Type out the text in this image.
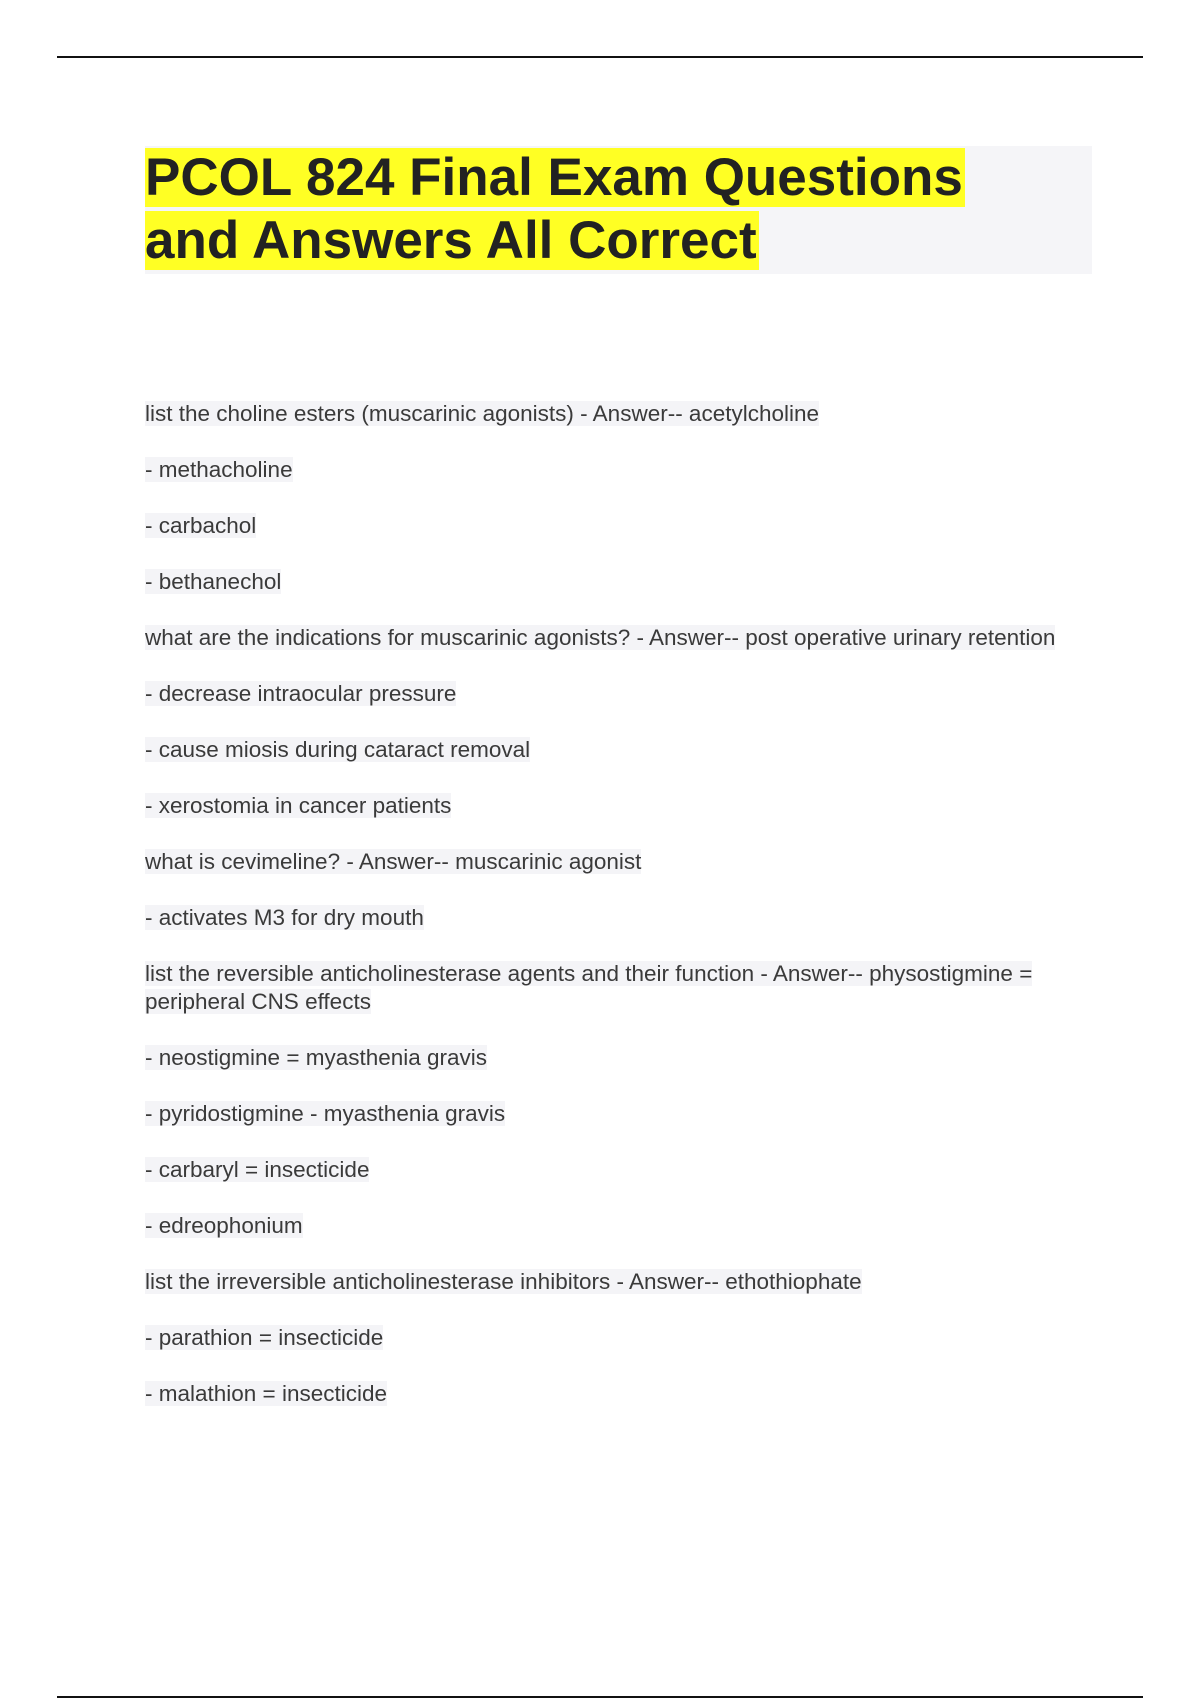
PCOL 824 Final Exam Questions
and Answers All Correct

list the choline esters (muscarinic agonists) - Answer-- acetylcholine

- methacholine

- carbachol

- bethanechol

what are the indications for muscarinic agonists? - Answer-- post operative urinary retention

- decrease intraocular pressure

- cause miosis during cataract removal

- xerostomia in cancer patients

what is cevimeline? - Answer-- muscarinic agonist

- activates M3 for dry mouth

list the reversible anticholinesterase agents and their function - Answer-- physostigmine = peripheral CNS effects

- neostigmine = myasthenia gravis

- pyridostigmine - myasthenia gravis

- carbaryl = insecticide

- edreophonium

list the irreversible anticholinesterase inhibitors - Answer-- ethothiophate

- parathion = insecticide

- malathion = insecticide
